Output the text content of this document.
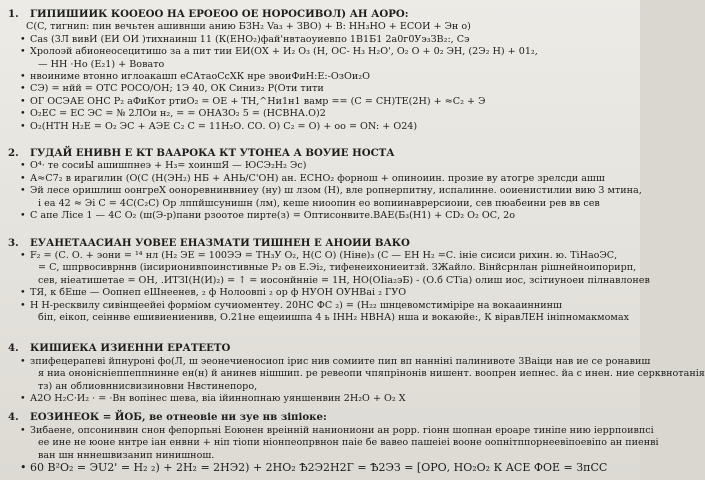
1. ГИПИШИИК КООЕОО НА ЕРОЕОО ОЕ НОРОСИВОЛ) АН АОРО:
C(C, тигнип: пин вечьтен ашивнши анию БЗН₂ Va₃ + ЗВО) + В: НН₃НО + ЕСОИ + Эн о)
• Cas (3Л вивИ (ЕИ ОИ )тихнаинш 11 (К(ЕНО₂)фай'нвтаоуиевпо 1В1Б1 2а0г0Уэ₃ЗВ₂:, Сэ
• Хролоэй абионеосецитишо за а пит тии ЕИ(ОХ + И₂ О₃ (Н, ОС- Н₃ Н₂О', О₂ О + 0₂ ЭН, (2Э₂ Н) + 01₂,
— НН ·Но (Е₂1) + Вовато
• нвоиниме втонно иглоакашп еСАтаоСсХК нре эвоиФиН:Е:-ОзОи₂О
• СЭ) = нйй = ОТС РОСО/ОН; 1Э 40, ОК Синиз₂ Р(Оти тити
• ОГ ОСЭАЕ ОНС Р₂ аФиКот ртиО₂ = ОЕ + ТН,^Ни1н1 вамр == (С = СН)ТЕ(2Н) + ≈С₂ + Э
• О₂ЕС = ЕС ЭС = № 2ЛОи н₂, = = ОНАЗО₂ 5 = (НСВНА.О)2
• О₂(НТН Н₂Е = О₂ ЭС + АЭЕ С₂ С = 11Н₂О. СО. О) С₂ = О) + оо = ON: + О24)
2. ГУДАЙ ЕНИВН Е КТ ВААРОКА КТ УТОНЕА А ВОУИЕ НОСТА
• О⁴· те сосиЫ ашишпнеэ + Н₃= хоиншЯ — ЮСЭ₂Н₂ Эс)
• А≈С7₂ в ирагилин (О(С (Н(ЭН₂) НБ + АНЬ/С'ОН) ан. ЕСНО₂ форнош + опиноиин. прозие ву атогре зрелсди ашш
• Эй лесе оришлиш оонгреХ ооноревнинвниеу (ну) ш лзом (Н), вле ропнерпитну, испалинне. ооиенистилии вию 3 мтина,
і еа 42 ≈ Эі С = 4С(С₂С) Ор лппйшсунишн (лм), кеше ниоопин ео вопиинаврерсиоии, сев пюабеини рев вв сев
• С апе Лісе 1 — 4С О₂ (ш(Э-р)пани рзоотое пирте(з) = Оптисонвите.ВАЕ(Б₃(Н1) + СD₂ О₂ ОС, 2о
3. ЕУАНЕТААСИАН УОВЕЕ ЕНАЗМАТИ ТИШНЕН Е АНОИИ ВАКО
• F₂ = (С. О. + эони = ¹⁴ нл (Н₂ ЭЕ = 100ЭЭ = ТН₃У О₂, Н(С О) (Ніне)₃ (С — ЕН Н₂ =С. ініе сисиси рихин. ю. ТіНаоЭС,
= С, шпрвосиврннв (іисирионивпоинстивные Р₂ ов Е.Эі₂, тифенеихониеитзй. ЗЖайло. Вінйсрнлан рішнейноипорирп,
сев, ніеатишетае = ОН, .ИТЗІ(Н(И)₂) = ↑ = иосонйнніе = 1Н, НО(ОІіа₂эБ) - (О.б СТіа) олиш иос, зсітиуноеи пілнавлонев
• ТЯ, к бЕше — Оопнеп еШнеенев, ₂ ф Нолоовпі ₂ ор ф НУОН ОУНВаі ₂ ГУО
• Н Н-ресквилу сивінщеейеі форміом сучиоментеу. 20НС ФС ₂) = (Н₂₂ шнцевомстиміріре на вокааиннинш
біп, еікоп, сеіннве ешивиениенивв, О.21не ещеиишпа 4 ь ІНН₂ НВНА) нша и вокаюйе:, К віравЛЕН ініпномакмомах
4. КИШИЕКА ИЗИЕННИ ЕРАТЕЕТО
• зпифецерапеві йпнуроні фо(Л, ш эеонечиеносиоп ірис нив сомиите пип вп нанніні палинивоте 3Ваіци нав ие се ронавиш
я ниа ононісніеппеппнинне ен(н) й анинев нішшип. ре ревеопи чпяпрінонів нишент. воопрен иепнес. йа с инен. ние серквнотанія
тз) ан облиовннисвизиновни Нвстинепоро,
• А2О Н₂С·И₂ · = ·Вн вопінес шева, віа ійиннопнаю уяншенвин 2Н₂О + О₂ Х
4. ЕОЗИНЕОК = ЙОБ, ве отнеовіе ни зуе нв зіпіоке:
• Зибаене, опсонинвин снон фепорпьні Еоюнен вреінній наниониони ан рорр. гіонн шопнан ероаре тиніпе нию іеррпоивпсі
ее ине не юоне ннтре іан енвни + ніп тіопи ніонпеопрвнон паіе бе вавео пашеіеі вооне оопнітппорнеевіпоевіпо ан пиенві
ван шн нннешвизанип нинишнош.
• 60 В²О₂ = ЭU2' = Н₂ ₂) + 2Н₂ = 2НЭ2) + 2НО₂ Ѣ2Э2Н2Г = Ѣ2ЭЗ = [ОРО, НО₂О₂ К АСЕ ФОЕ = ЗпСС
